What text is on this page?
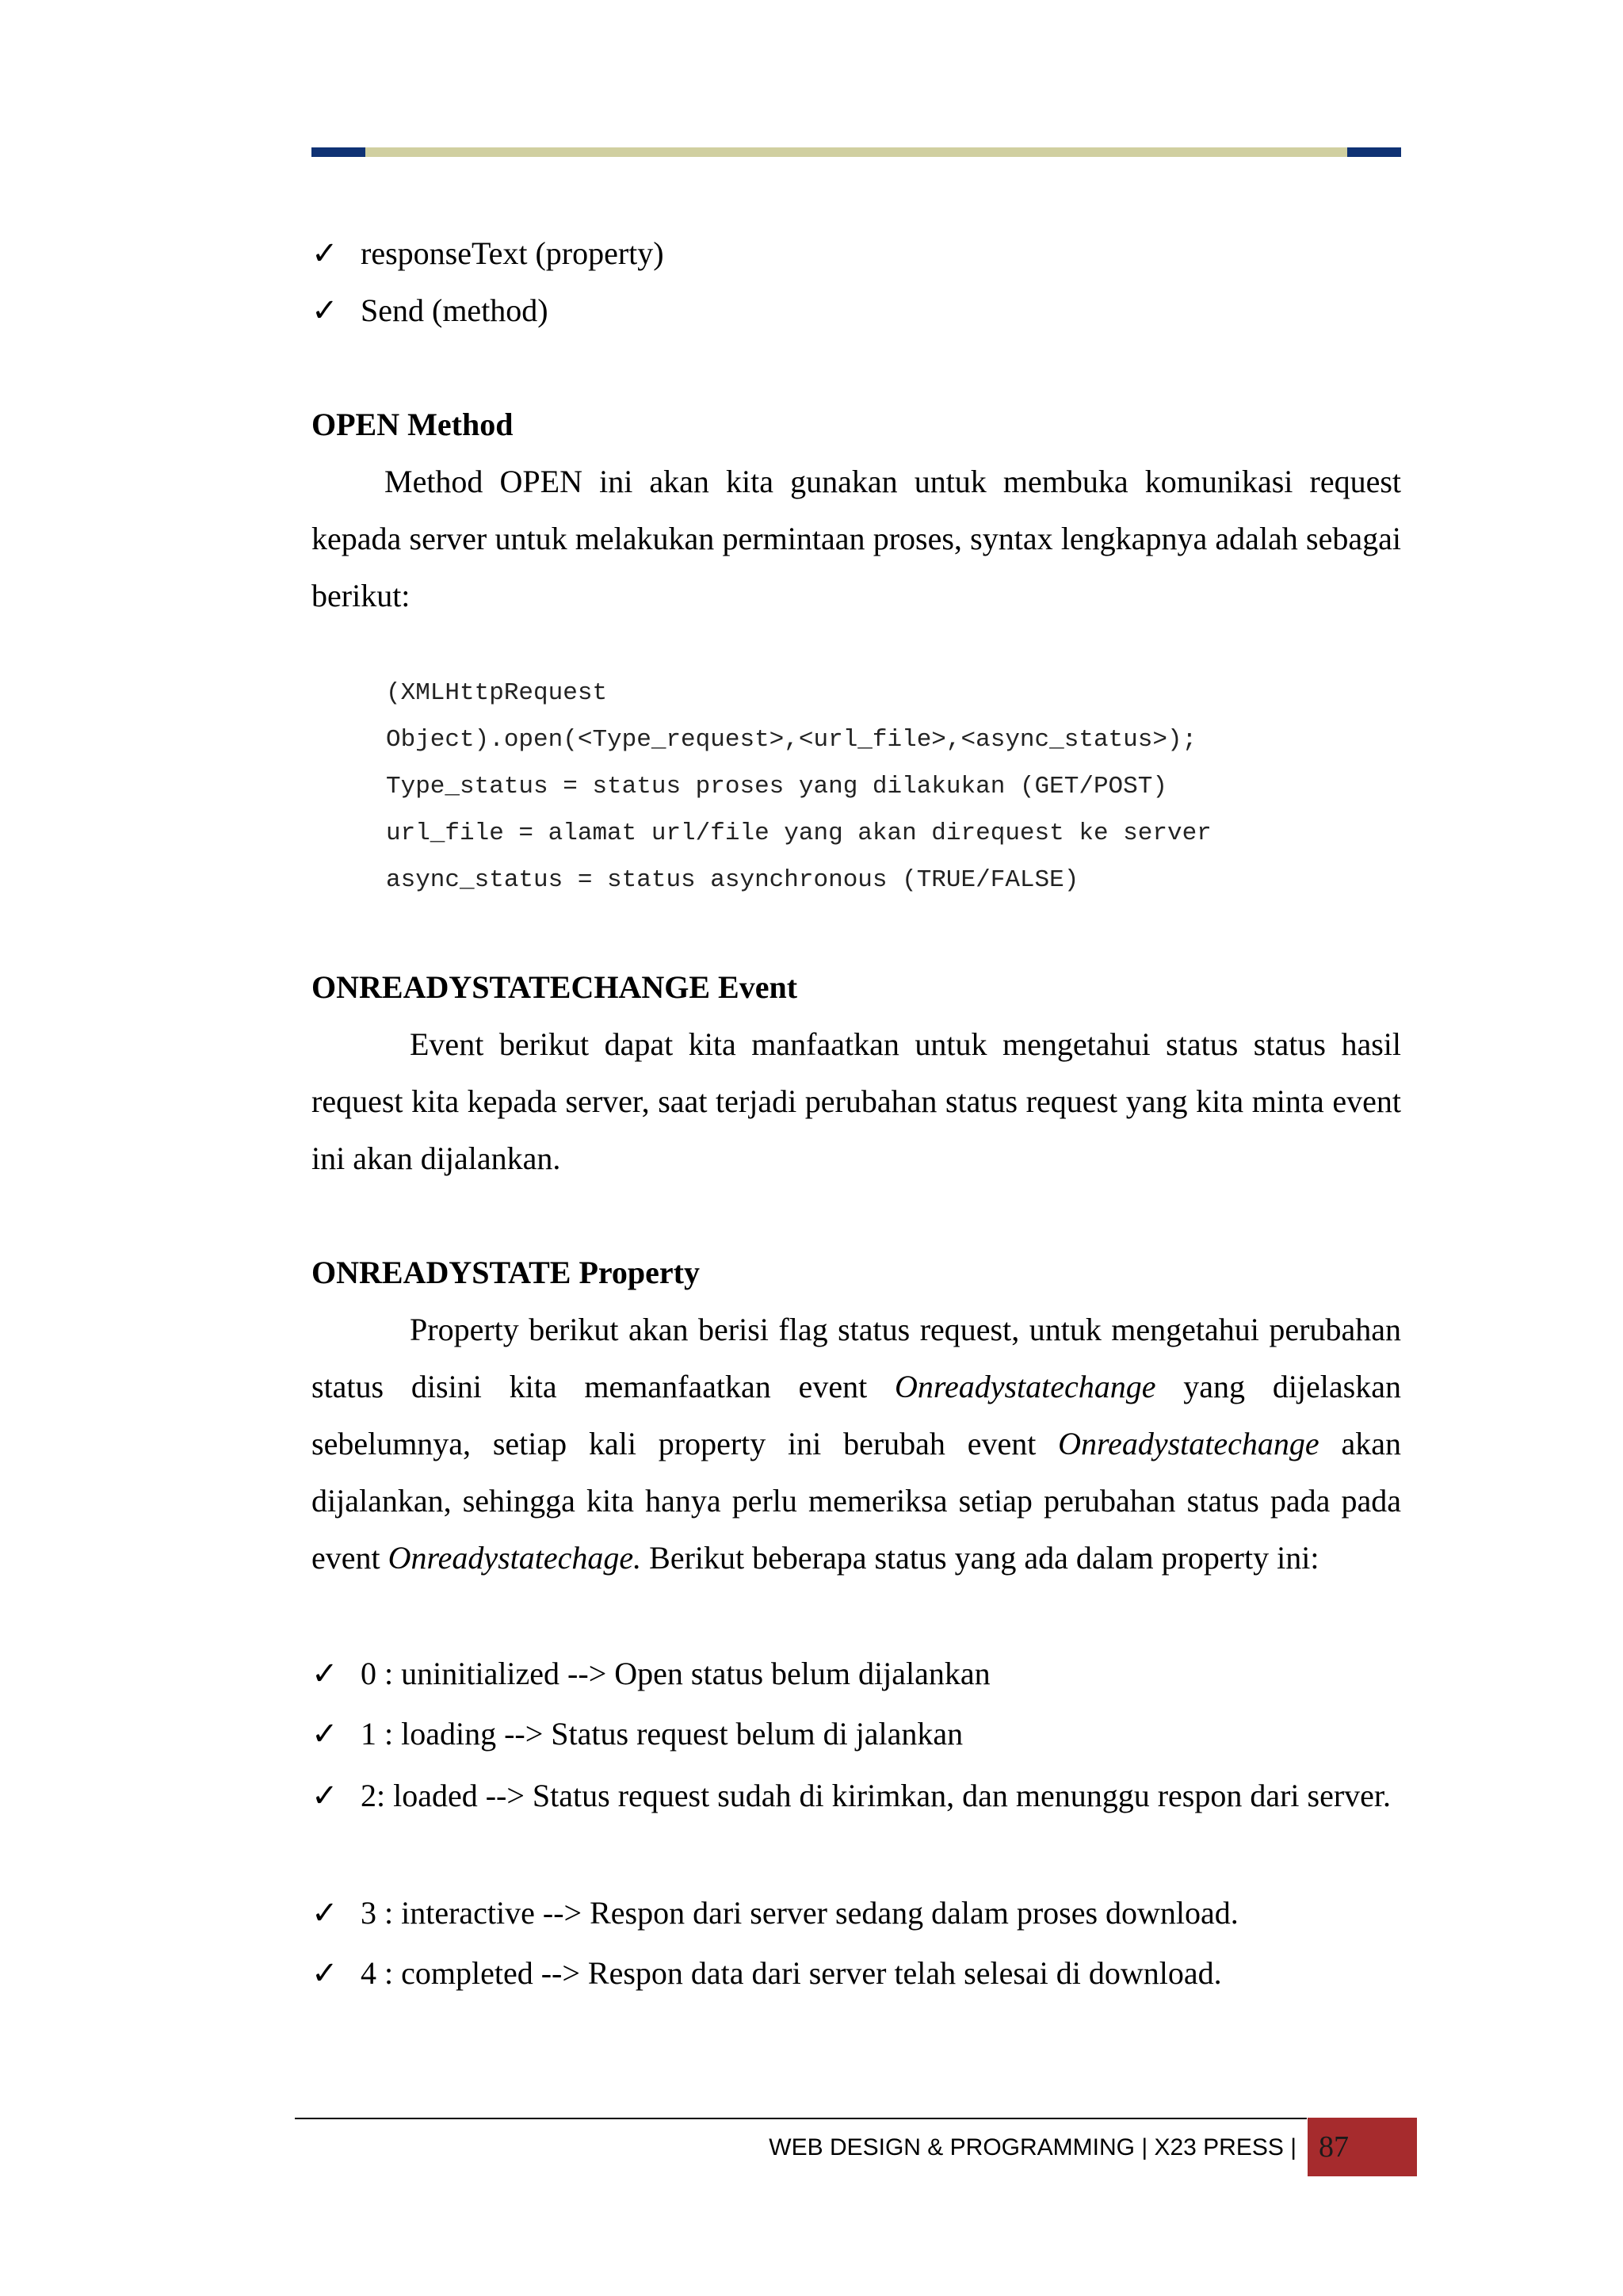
✓ responseText (property)
✓ Send (method)
OPEN Method
Method OPEN ini akan kita gunakan untuk membuka komunikasi request kepada server untuk melakukan permintaan proses, syntax lengkapnya adalah sebagai berikut:
(XMLHttpRequest
Object).open(<Type_request>,<url_file>,<async_status>);
Type_status = status proses yang dilakukan (GET/POST)
url_file = alamat url/file yang akan direquest ke server
async_status = status asynchronous (TRUE/FALSE)
ONREADYSTATECHANGE Event
Event berikut dapat kita manfaatkan untuk mengetahui status status hasil request kita kepada server, saat terjadi perubahan status request yang kita minta event ini akan dijalankan.
ONREADYSTATE Property
Property berikut akan berisi flag status request, untuk mengetahui perubahan status disini kita memanfaatkan event Onreadystatechange yang dijelaskan sebelumnya, setiap kali property ini berubah event Onreadystatechange akan dijalankan, sehingga kita hanya perlu memeriksa setiap perubahan status pada pada event Onreadystatechage. Berikut beberapa status yang ada dalam property ini:
✓ 0 : uninitialized --> Open status belum dijalankan
✓ 1 : loading --> Status request belum di jalankan
✓ 2: loaded --> Status request sudah di kirimkan, dan menunggu respon dari server.
✓ 3 : interactive --> Respon dari server sedang dalam proses download.
✓ 4 : completed --> Respon data dari server telah selesai di download.
WEB DESIGN & PROGRAMMING | X23 PRESS | 87
